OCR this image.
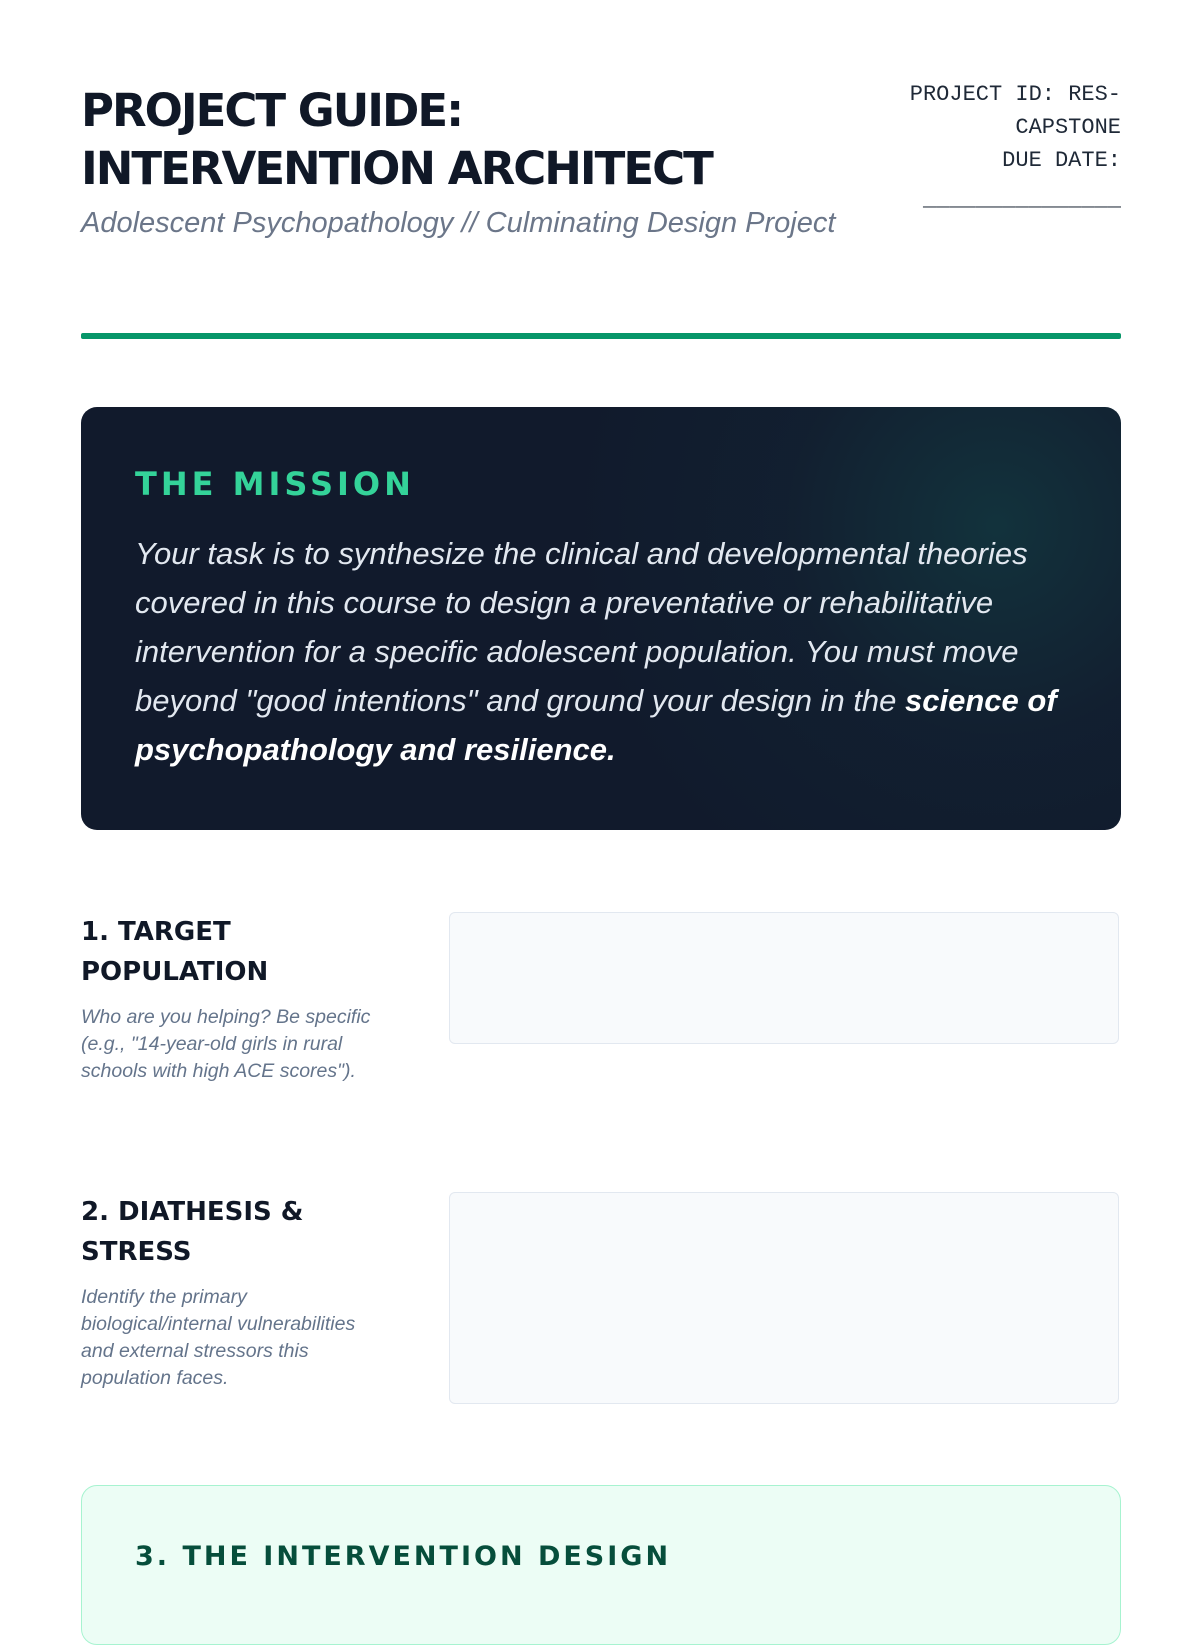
PROJECT GUIDE:
INTERVENTION ARCHITECT

Adolescent Psychopathology // Culminating Design Project

PROJECT ID: RES-
CAPSTONE
DUE DATE:
_______________
THE MISSION

Your task is to synthesize the clinical and developmental theories covered in this course to design a preventative or rehabilitative intervention for a specific adolescent population. You must move beyond "good intentions" and ground your design in the science of psychopathology and resilience.

1. TARGET
POPULATION

Who are you helping? Be specific (e.g., "14-year-old girls in rural schools with high ACE scores").

2. DIATHESIS &
STRESS

Identify the primary biological/internal vulnerabilities and external stressors this population faces.

3. THE INTERVENTION DESIGN
